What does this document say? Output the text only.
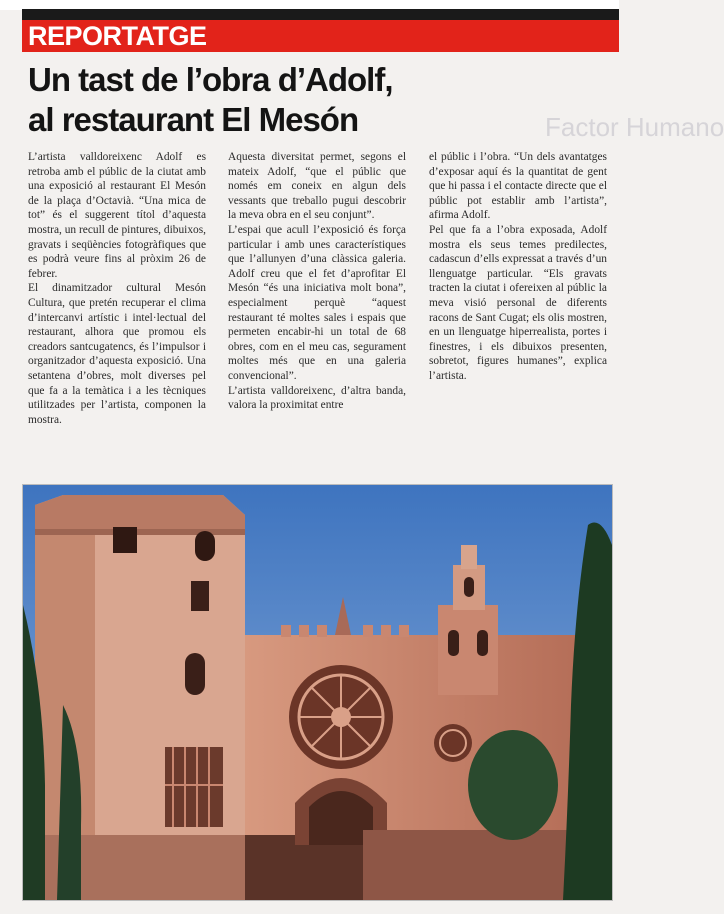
REPORTATGE
Factor Humano
Un tast de l’obra d’Adolf,
al restaurant El Mesón

L’artista valldoreixenc Adolf es retroba amb el públic de la ciutat amb una exposició al restaurant El Mesón de la plaça d’Octavià. “Una mica de tot” és el suggerent títol d’aquesta mostra, un recull de pintures, dibuixos, gravats i seqüències fotogràfiques que es podrà veure fins al pròxim 26 de febrer.

El dinamitzador cultural Mesón Cultura, que pretén recuperar el clima d’intercanvi artístic i intel·lectual del restaurant, alhora que promou els creadors santcugatencs, és l’impulsor i organitzador d’aquesta exposició. Una setantena d’obres, molt diverses pel que fa a la temàtica i a les tècniques utilitzades per l’artista, componen la mostra.

Aquesta diversitat permet, segons el mateix Adolf, “que el públic que només em coneix en algun dels vessants que treballo pugui descobrir la meva obra en el seu conjunt”.

L’espai que acull l’exposició és força particular i amb unes característiques que l’allunyen d’una clàssica galeria. Adolf creu que el fet d’aprofitar El Mesón “és una iniciativa molt bona”, especialment perquè “aquest restaurant té moltes sales i espais que permeten encabir-hi un total de 68 obres, com en el meu cas, segurament moltes més que en una galeria convencional”.

L’artista valldoreixenc, d’altra banda, valora la proximitat entre

el públic i l’obra. “Un dels avantatges d’exposar aquí és la quantitat de gent que hi passa i el contacte directe que el públic pot establir amb l’artista”, afirma Adolf.

Pel que fa a l’obra exposada, Adolf mostra els seus temes predilectes, cadascun d’ells expressat a través d’un llenguatge particular. “Els gravats tracten la ciutat i ofereixen al públic la meva visió personal de diferents racons de Sant Cugat; els olis mostren, en un llenguatge hiperrealista, portes i finestres, i els dibuixos presenten, sobretot, figures humanes”, explica l’artista.
